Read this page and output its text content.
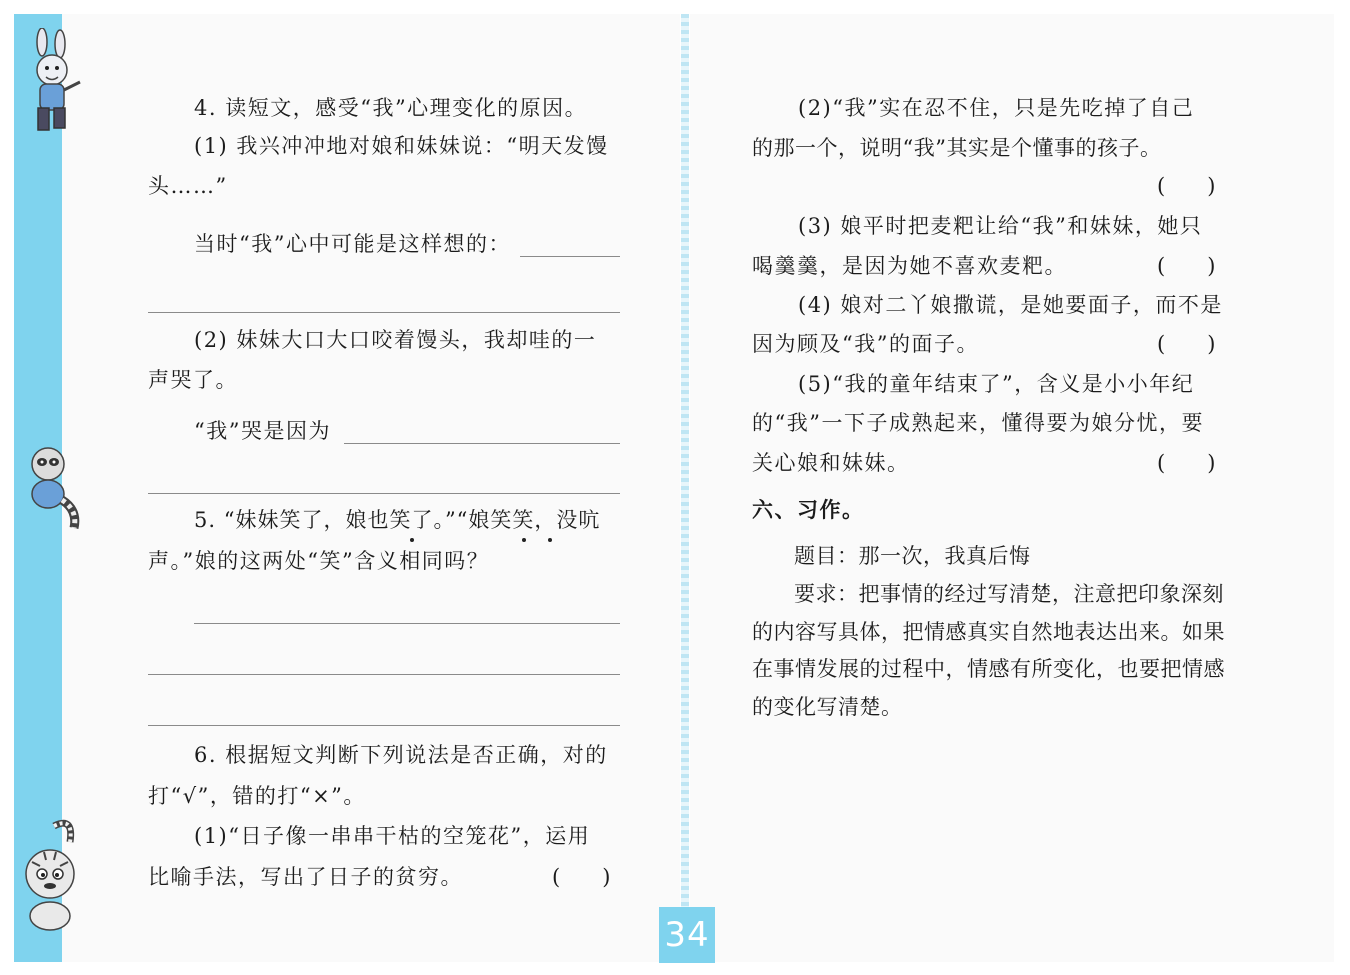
4. 读短文，感受“我”心理变化的原因。
(1) 我兴冲冲地对娘和妹妹说：“明天发馒
头……”
当时“我”心中可能是这样想的：
(2) 妹妹大口大口咬着馒头，我却哇的一
声哭了。
“我”哭是因为
5. “妹妹笑了，娘也笑了。”“娘笑笑，没吭
声。”娘的这两处“笑”含义相同吗？
6. 根据短文判断下列说法是否正确，对的
打“√”，错的打“×”。
(1)“日子像一串串干枯的空笼花”，运用
比喻手法，写出了日子的贫穷。	(　　)
(2)“我”实在忍不住，只是先吃掉了自己
的那一个，说明“我”其实是个懂事的孩子。
(　　)
(3) 娘平时把麦粑让给“我”和妹妹，她只
喝羹羹，是因为她不喜欢麦粑。	(　　)
(4) 娘对二丫娘撒谎，是她要面子，而不是
因为顾及“我”的面子。	(　　)
(5)“我的童年结束了”，含义是小小年纪
的“我”一下子成熟起来，懂得要为娘分忧，要
关心娘和妹妹。	(　　)
六、习作。
题目：那一次，我真后悔
要求：把事情的经过写清楚，注意把印象深刻
的内容写具体，把情感真实自然地表达出来。如果
在事情发展的过程中，情感有所变化，也要把情感
的变化写清楚。
34
